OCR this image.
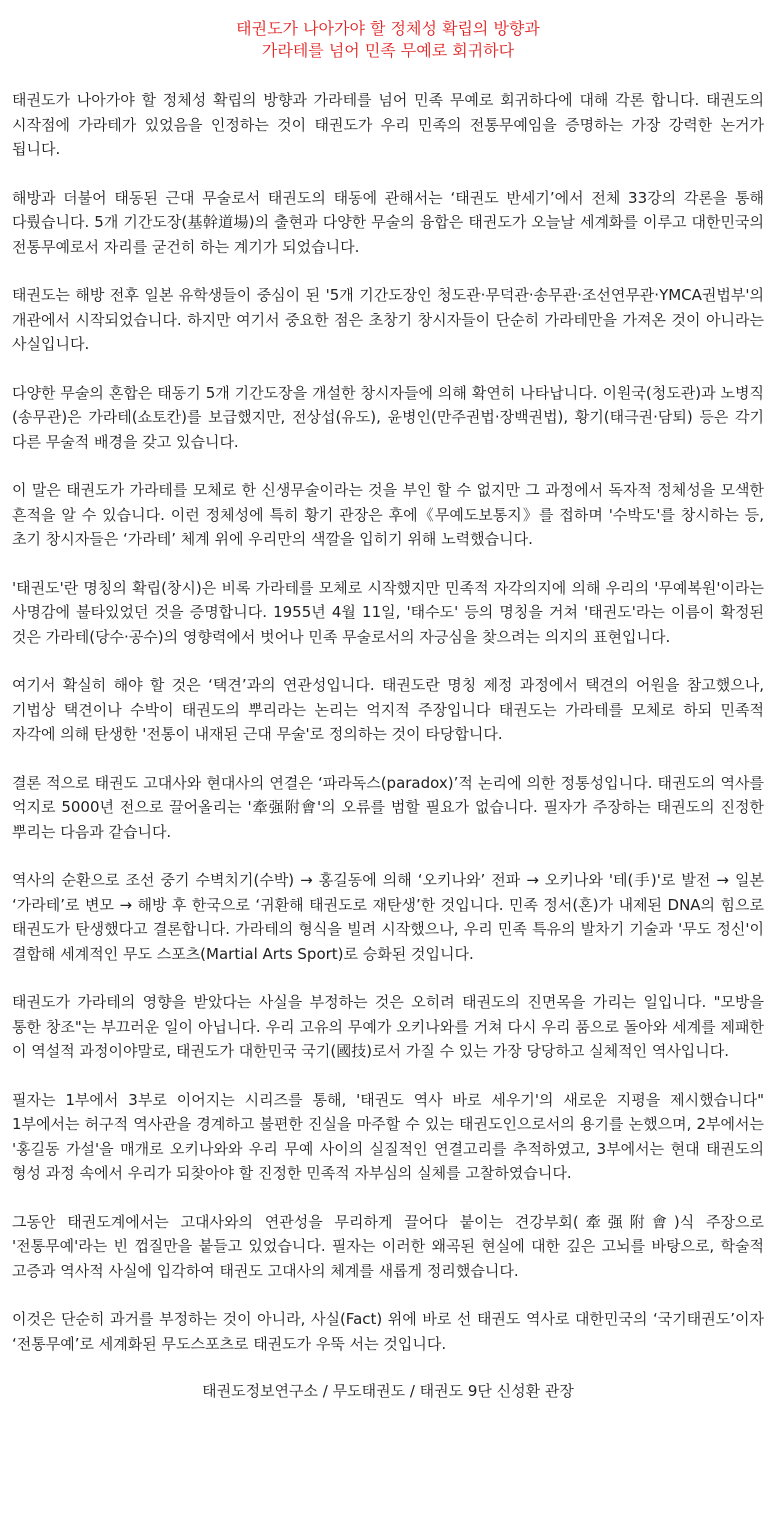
태권도가 나아가야 할 정체성 확립의 방향과
가라테를 넘어 민족 무예로 회귀하다

태권도가 나아가야 할 정체성 확립의 방향과 가라테를 넘어 민족 무예로 회귀하다에 대해 각론 합니다. 태권도의 시작점에 가라테가 있었음을 인정하는 것이 태권도가 우리 민족의 전통무예임을 증명하는 가장 강력한 논거가 됩니다.

해방과 더불어 태동된 근대 무술로서 태권도의 태동에 관해서는 ‘태권도 반세기’에서 전체 33강의 각론을 통해 다뤘습니다. 5개 기간도장(基幹道場)의 출현과 다양한 무술의 융합은 태권도가 오늘날 세계화를 이루고 대한민국의 전통무예로서 자리를 굳건히 하는 계기가 되었습니다.

태권도는 해방 전후 일본 유학생들이 중심이 된 '5개 기간도장인 청도관·무덕관·송무관·조선연무관·YMCA권법부'의 개관에서 시작되었습니다. 하지만 여기서 중요한 점은 초창기 창시자들이 단순히 가라테만을 가져온 것이 아니라는 사실입니다.

다양한 무술의 혼합은 태동기 5개 기간도장을 개설한 창시자들에 의해 확연히 나타납니다. 이원국(청도관)과 노병직(송무관)은 가라테(쇼토칸)를 보급했지만, 전상섭(유도), 윤병인(만주권법·장백권법), 황기(태극권·담퇴) 등은 각기 다른 무술적 배경을 갖고 있습니다.

이 말은 태권도가 가라테를 모체로 한 신생무술이라는 것을 부인 할 수 없지만 그 과정에서 독자적 정체성을 모색한 흔적을 알 수 있습니다. 이런 정체성에 특히 황기 관장은 후에《무예도보통지》를 접하며 '수박도'를 창시하는 등, 초기 창시자들은 ‘가라테’ 체계 위에 우리만의 색깔을 입히기 위해 노력했습니다.

'태권도'란 명칭의 확립(창시)은 비록 가라테를 모체로 시작했지만 민족적 자각의지에 의해 우리의 '무예복원'이라는 사명감에 불타있었던 것을 증명합니다. 1955년 4월 11일, '태수도' 등의 명칭을 거쳐 '태권도'라는 이름이 확정된 것은 가라테(당수·공수)의 영향력에서 벗어나 민족 무술로서의 자긍심을 찾으려는 의지의 표현입니다.

여기서 확실히 해야 할 것은 ‘택견’과의 연관성입니다. 태권도란 명칭 제정 과정에서 택견의 어원을 참고했으나, 기법상 택견이나 수박이 태권도의 뿌리라는 논리는 억지적 주장입니다 태권도는 가라테를 모체로 하되 민족적 자각에 의해 탄생한 '전통이 내재된 근대 무술'로 정의하는 것이 타당합니다.

결론 적으로 태권도 고대사와 현대사의 연결은 ‘파라독스(paradox)’적 논리에 의한 정통성입니다. 태권도의 역사를 억지로 5000년 전으로 끌어올리는 '牽强附會'의 오류를 범할 필요가 없습니다. 필자가 주장하는 태권도의 진정한 뿌리는 다음과 같습니다.

역사의 순환으로 조선 중기 수벽치기(수박) → 홍길동에 의해 ‘오키나와’ 전파 → 오키나와 '테(手)'로 발전 → 일본 ‘가라테’로 변모 → 해방 후 한국으로 ‘귀환해 태권도로 재탄생’한 것입니다. 민족 정서(혼)가 내제된 DNA의 힘으로 태권도가 탄생했다고 결론합니다. 가라테의 형식을 빌려 시작했으나, 우리 민족 특유의 발차기 기술과 '무도 정신'이 결합해 세계적인 무도 스포츠(Martial Arts Sport)로 승화된 것입니다.

태권도가 가라테의 영향을 받았다는 사실을 부정하는 것은 오히려 태권도의 진면목을 가리는 일입니다. "모방을 통한 창조"는 부끄러운 일이 아닙니다. 우리 고유의 무예가 오키나와를 거쳐 다시 우리 품으로 돌아와 세계를 제패한 이 역설적 과정이야말로, 태권도가 대한민국 국기(國技)로서 가질 수 있는 가장 당당하고 실체적인 역사입니다.

필자는 1부에서 3부로 이어지는 시리즈를 통해, '태권도 역사 바로 세우기'의 새로운 지평을 제시했습니다" 1부에서는 허구적 역사관을 경계하고 불편한 진실을 마주할 수 있는 태권도인으로서의 용기를 논했으며, 2부에서는 '홍길동 가설'을 매개로 오키나와와 우리 무예 사이의 실질적인 연결고리를 추적하였고, 3부에서는 현대 태권도의 형성 과정 속에서 우리가 되찾아야 할 진정한 민족적 자부심의 실체를 고찰하였습니다.

그동안 태권도계에서는 고대사와의 연관성을 무리하게 끌어다 붙이는 견강부회(牽强附會)식 주장으로 '전통무예'라는 빈 껍질만을 붙들고 있었습니다. 필자는 이러한 왜곡된 현실에 대한 깊은 고뇌를 바탕으로, 학술적 고증과 역사적 사실에 입각하여 태권도 고대사의 체계를 새롭게 정리했습니다.

이것은 단순히 과거를 부정하는 것이 아니라, 사실(Fact) 위에 바로 선 태권도 역사로 대한민국의 ‘국기태권도’이자 ‘전통무예’로 세계화된 무도스포츠로 태권도가 우뚝 서는 것입니다.

태권도정보연구소 / 무도태권도 / 태권도 9단 신성환 관장
